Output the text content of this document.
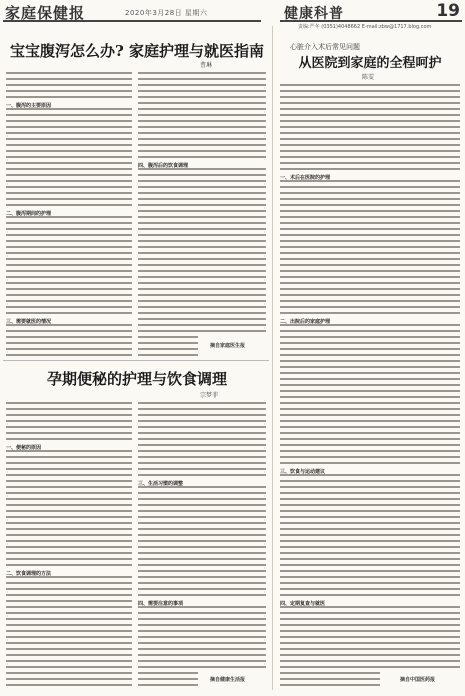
家庭保健报	2020年3月28日 星期六	健康科普	19
责编:严冬 (0351)4048662 E-mail:zbw@1717.blog.com
宝宝腹泻怎么办? 家庭护理与就医指南
曹琳
一、腹泻的主要原因
二、腹泻期间的护理
三、需要就医的情况
四、腹泻后的饮食调理
摘自家庭医生报
孕期便秘的护理与饮食调理
宗梦菲
一、便秘的原因
二、饮食调理的方法
三、生活习惯的调整
四、需要注意的事项
摘自健康生活报
心脏介入术后常见问题
从医院到家庭的全程呵护
陈雯
一、术后在医院的护理
二、出院后的家庭护理
三、饮食与运动建议
四、定期复查与就医
摘自中国医药报
